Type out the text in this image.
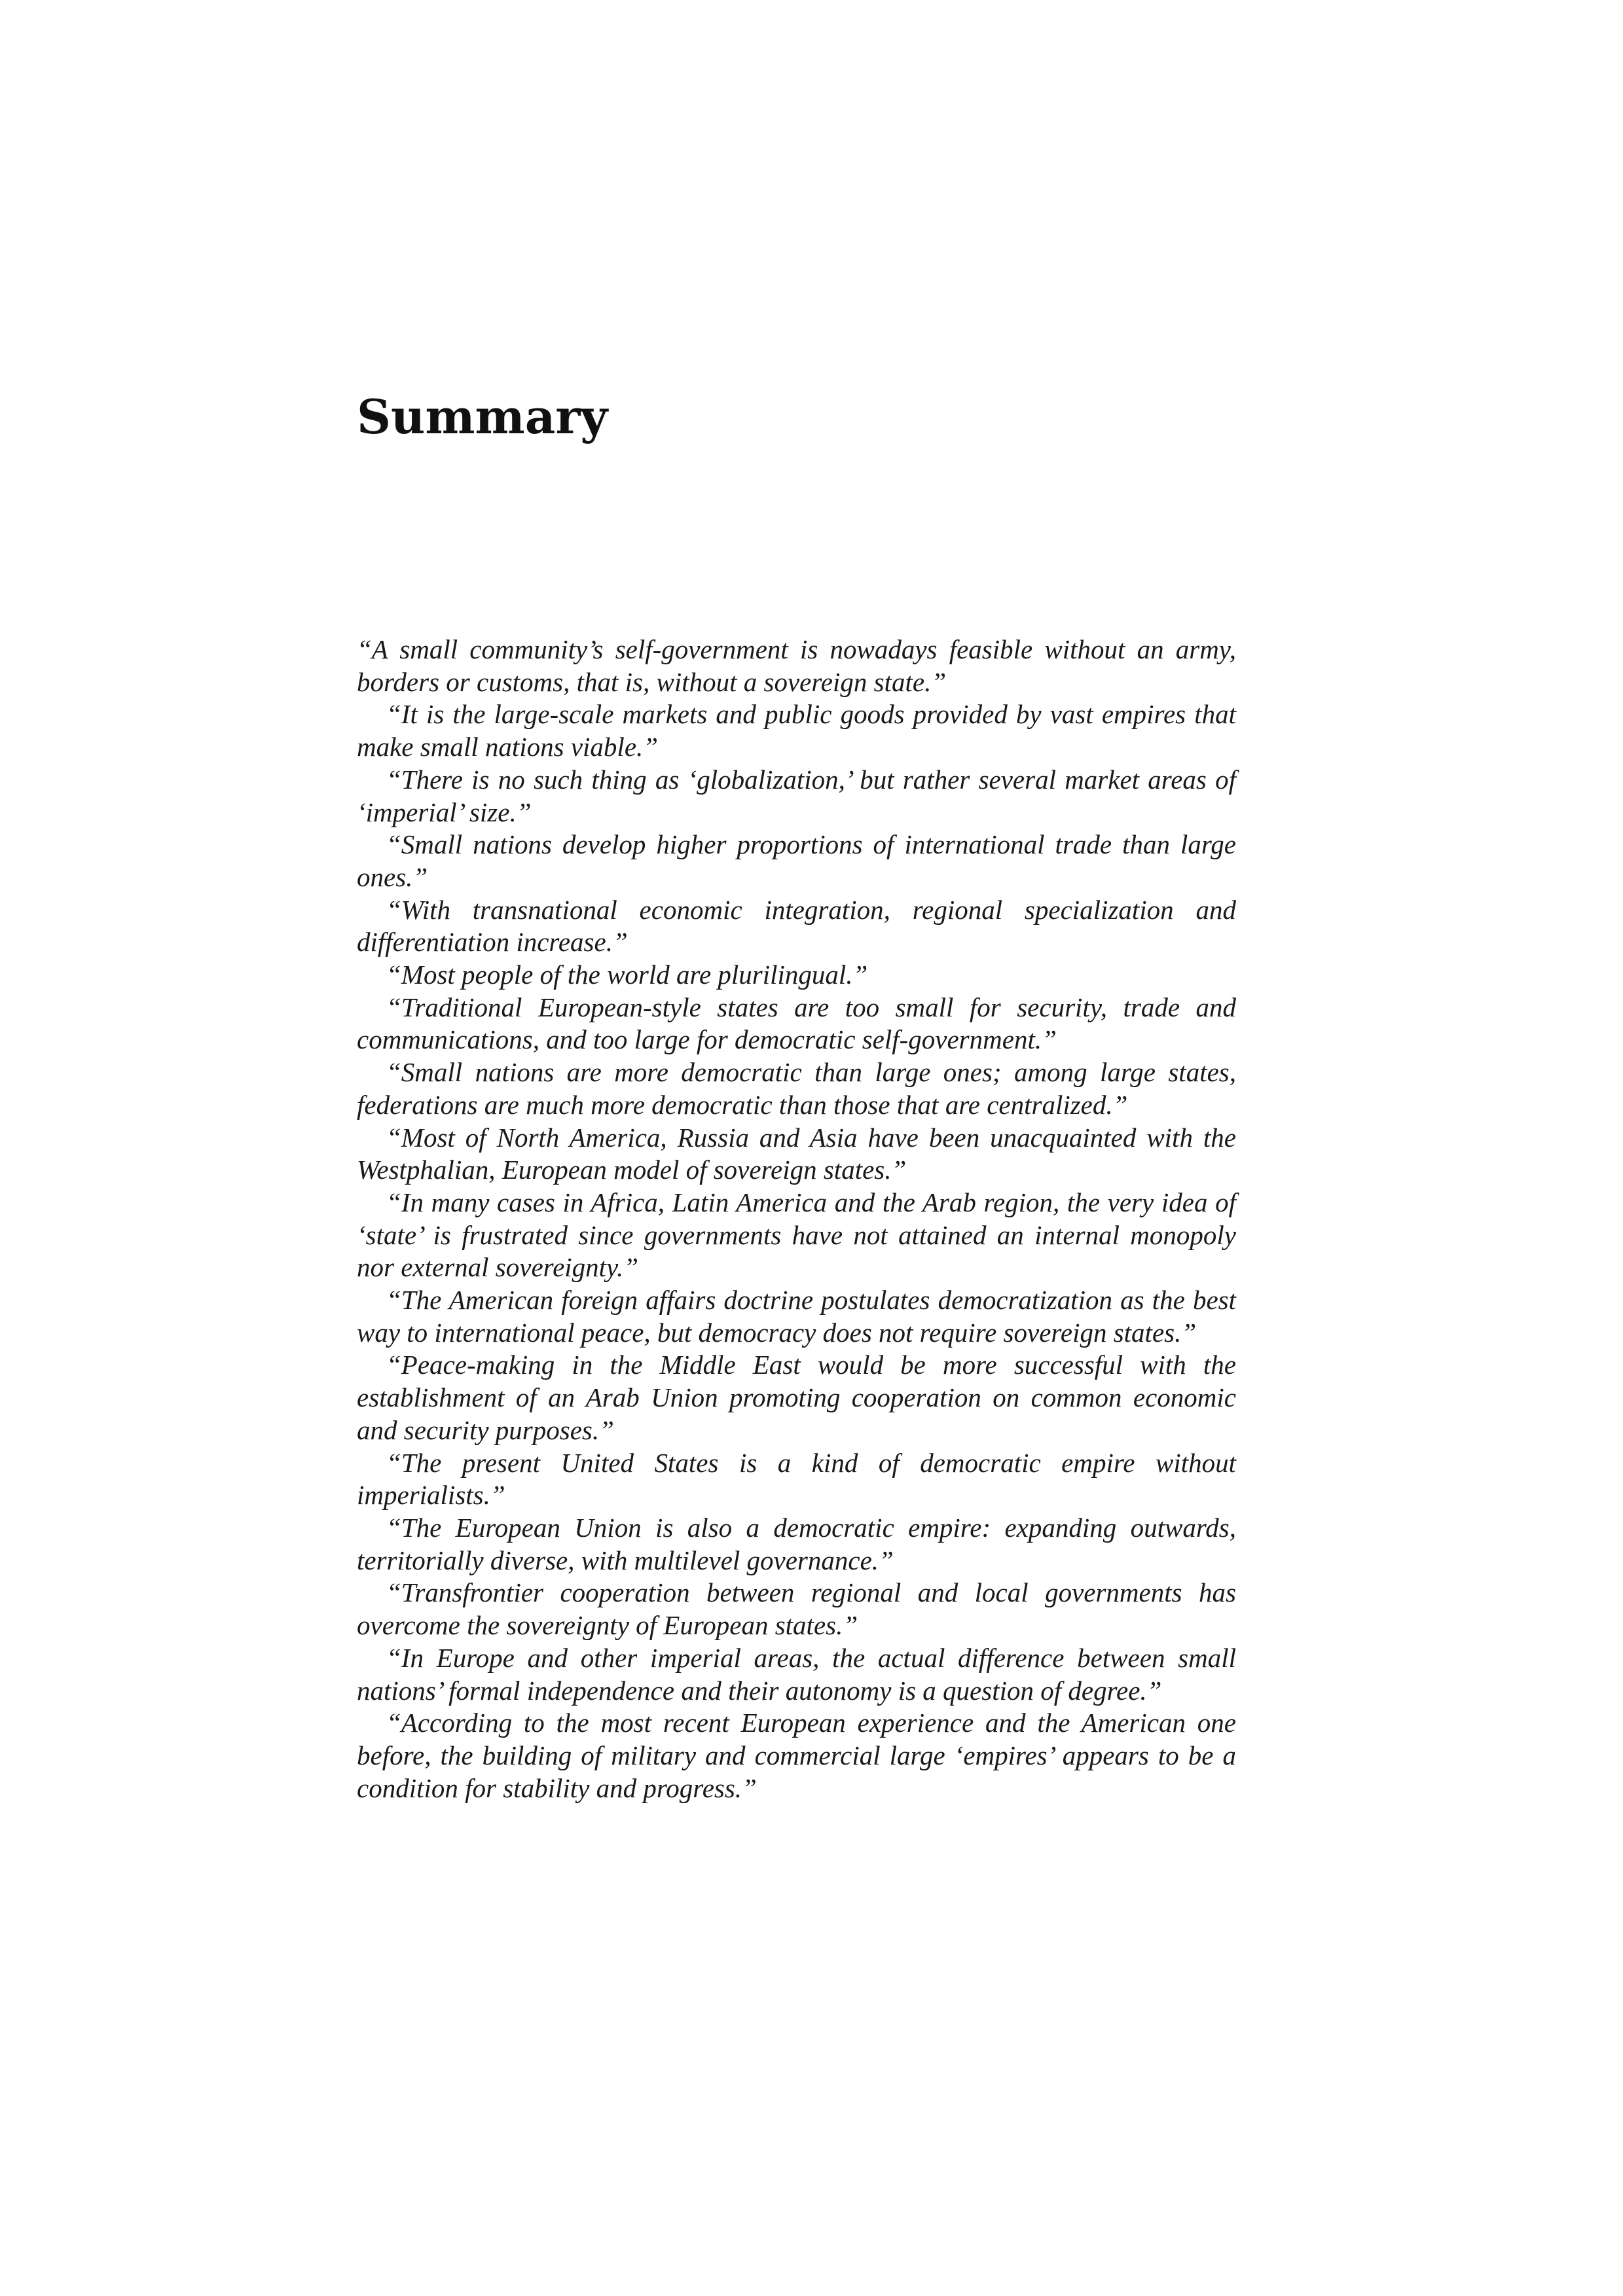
Summary

“A small community’s self-government is nowadays feasible without an army, borders or customs, that is, without a sovereign state.”

“It is the large-scale markets and public goods provided by vast empires that make small nations viable.”

“There is no such thing as ‘globalization,’ but rather several market areas of ‘imperial’ size.”

“Small nations develop higher proportions of international trade than large ones.”

“With transnational economic integration, regional specialization and differentiation increase.”

“Most people of the world are plurilingual.”

“Traditional European-style states are too small for security, trade and communications, and too large for democratic self-government.”

“Small nations are more democratic than large ones; among large states, federations are much more democratic than those that are centralized.”

“Most of North America, Russia and Asia have been unacquainted with the Westphalian, European model of sovereign states.”

“In many cases in Africa, Latin America and the Arab region, the very idea of ‘state’ is frustrated since governments have not attained an internal monopoly nor external sovereignty.”

“The American foreign affairs doctrine postulates democratization as the best way to international peace, but democracy does not require sovereign states.”

“Peace-making in the Middle East would be more successful with the establishment of an Arab Union promoting cooperation on common economic and security purposes.”

“The present United States is a kind of democratic empire without imperialists.”

“The European Union is also a democratic empire: expanding outwards, territorially diverse, with multilevel governance.”

“Transfrontier cooperation between regional and local governments has overcome the sovereignty of European states.”

“In Europe and other imperial areas, the actual difference between small nations’ formal independence and their autonomy is a question of degree.”

“According to the most recent European experience and the American one before, the building of military and commercial large ‘empires’ appears to be a condition for stability and progress.”
